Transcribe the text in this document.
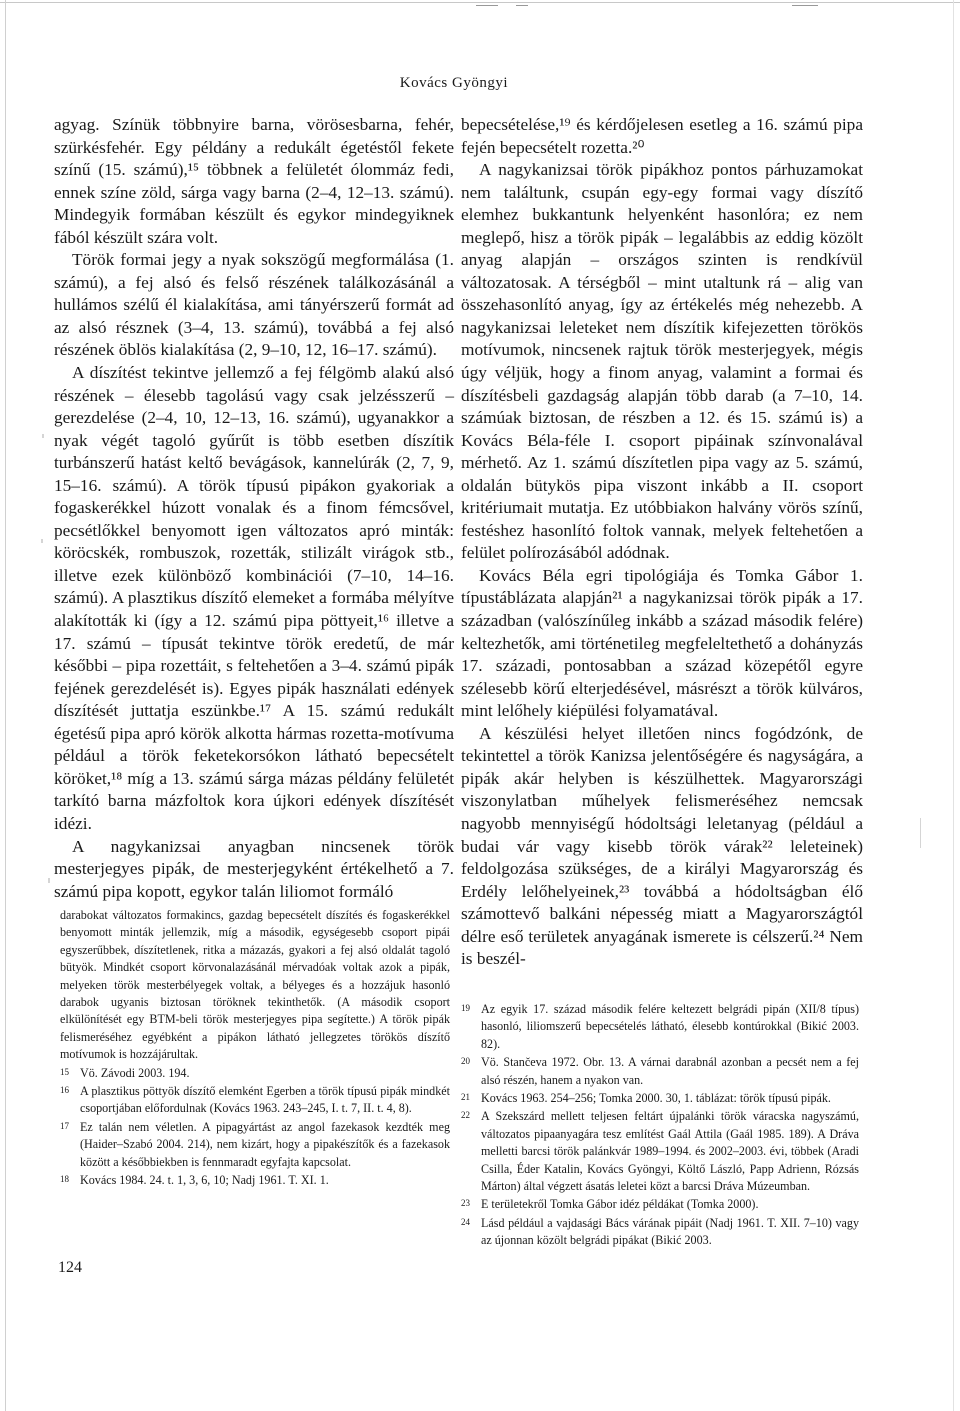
Kovács Gyöngyi

agyag. Színük többnyire barna, vörösesbarna, fehér, szürkésfehér. Egy példány a redukált égetéstől fekete színű (15. számú),¹⁵ többnek a felületét ólommáz fedi, ennek színe zöld, sárga vagy barna (2–4, 12–13. számú). Mindegyik formában készült és egykor mindegyiknek fából készült szára volt.

Török formai jegy a nyak sokszögű megformálása (1. számú), a fej alsó és felső részének találkozásánál a hullámos szélű él kialakítása, ami tányérszerű formát ad az alsó résznek (3–4, 13. számú), továbbá a fej alsó részének öblös kialakítása (2, 9–10, 12, 16–17. számú).

A díszítést tekintve jellemző a fej félgömb alakú alsó részének – élesebb tagolású vagy csak jelzésszerű – gerezdelése (2–4, 10, 12–13, 16. számú), ugyanakkor a nyak végét tagoló gyűrűt is több esetben díszítik turbánszerű hatást keltő bevágások, kannelúrák (2, 7, 9, 15–16. számú). A török típusú pipákon gyakoriak a fogaskerékkel húzott vonalak és a finom fémcsővel, pecsétlőkkel benyomott igen változatos apró minták: köröcskék, rombuszok, rozetták, stilizált virágok stb., illetve ezek különböző kombinációi (7–10, 14–16. számú). A plasztikus díszítő elemeket a formába mélyítve alakították ki (így a 12. számú pipa pöttyeit,¹⁶ illetve a 17. számú – típusát tekintve török eredetű, de már későbbi – pipa rozettáit, s feltehetően a 3–4. számú pipák fejének gerezdelését is). Egyes pipák használati edények díszítését juttatja eszünkbe.¹⁷ A 15. számú redukált égetésű pipa apró körök alkotta hármas rozetta-motívuma például a török feketekorsókon látható bepecsételt köröket,¹⁸ míg a 13. számú sárga mázas példány felületét tarkító barna mázfoltok kora újkori edények díszítését idézi.

A nagykanizsai anyagban nincsenek török mesterjegyes pipák, de mesterjegyként értékelhető a 7. számú pipa kopott, egykor talán liliomot formáló

bepecsételése,¹⁹ és kérdőjelesen esetleg a 16. számú pipa fején bepecsételt rozetta.²⁰

A nagykanizsai török pipákhoz pontos párhuzamokat nem találtunk, csupán egy-egy formai vagy díszítő elemhez bukkantunk helyenként hasonlóra; ez nem meglepő, hisz a török pipák – legalábbis az eddig közölt anyag alapján – országos szinten is rendkívül változatosak. A térségből – mint utaltunk rá – alig van összehasonlító anyag, így az értékelés még nehezebb. A nagykanizsai leleteket nem díszítik kifejezetten törökös motívumok, nincsenek rajtuk török mesterjegyek, mégis úgy véljük, hogy a finom anyag, valamint a formai és díszítésbeli gazdagság alapján több darab (a 7–10, 14. számúak biztosan, de részben a 12. és 15. számú is) a Kovács Béla-féle I. csoport pipáinak színvonalával mérhető. Az 1. számú díszítetlen pipa vagy az 5. számú, oldalán bütykös pipa viszont inkább a II. csoport kritériumait mutatja. Ez utóbbiakon halvány vörös színű, festéshez hasonlító foltok vannak, melyek feltehetően a felület polírozásából adódnak.

Kovács Béla egri tipológiája és Tomka Gábor 1. típustáblázata alapján²¹ a nagykanizsai török pipák a 17. században (valószínűleg inkább a század második felére) keltezhetők, ami történetileg megfeleltethető a dohányzás 17. századi, pontosabban a század közepétől egyre szélesebb körű elterjedésével, másrészt a török külváros, mint lelőhely kiépülési folyamatával.

A készülési helyet illetően nincs fogódzónk, de tekintettel a török Kanizsa jelentőségére és nagyságára, a pipák akár helyben is készülhettek. Magyarországi viszonylatban műhelyek felismeréséhez nemcsak nagyobb mennyiségű hódoltsági leletanyag (például a budai vár vagy kisebb török várak²² leleteinek) feldolgozása szükséges, de a királyi Magyarország és Erdély lelőhelyeinek,²³ továbbá a hódoltságban élő számottevő balkáni népesség miatt a Magyarországtól délre eső területek anyagának ismerete is célszerű.²⁴ Nem is beszél-

darabokat változatos formakincs, gazdag bepecsételt díszítés és fogaskerékkel benyomott minták jellemzik, míg a második, egységesebb csoport pipái egyszerűbbek, díszítetlenek, ritka a mázazás, gyakori a fej alsó oldalát tagoló bütyök. Mindkét csoport körvonalazásánál mérvadóak voltak azok a pipák, melyeken török mesterbélyegek voltak, a bélyeges és a hozzájuk hasonló darabok ugyanis biztosan töröknek tekinthetők. (A második csoport elkülönítését egy BTM-beli török mesterjegyes pipa segítette.) A török pipák felismeréséhez egyébként a pipákon látható jellegzetes törökös díszítő motívumok is hozzájárultak.

15 Vö. Závodi 2003. 194.

16 A plasztikus pöttyök díszítő elemként Egerben a török típusú pipák mindkét csoportjában előfordulnak (Kovács 1963. 243–245, I. t. 7, II. t. 4, 8).

17 Ez talán nem véletlen. A pipagyártást az angol fazekasok kezdték meg (Haider–Szabó 2004. 214), nem kizárt, hogy a pipakészítők és a fazekasok között a későbbiekben is fennmaradt egyfajta kapcsolat.

18 Kovács 1984. 24. t. 1, 3, 6, 10; Nadj 1961. T. XI. 1.

19 Az egyik 17. század második felére keltezett belgrádi pipán (XII/8 típus) hasonló, liliomszerű bepecsételés látható, élesebb kontúrokkal (Bikić 2003. 82).

20 Vö. Stančeva 1972. Obr. 13. A várnai darabnál azonban a pecsét nem a fej alsó részén, hanem a nyakon van.

21 Kovács 1963. 254–256; Tomka 2000. 30, 1. táblázat: török típusú pipák.

22 A Szekszárd mellett teljesen feltárt újpalánki török váracska nagyszámú, változatos pipaanyagára tesz említést Gaál Attila (Gaál 1985. 189). A Dráva melletti barcsi török palánkvár 1989–1994. és 2002–2003. évi, többek (Aradi Csilla, Éder Katalin, Kovács Gyöngyi, Költő László, Papp Adrienn, Rózsás Márton) által végzett ásatás leletei közt a barcsi Dráva Múzeumban.

23 E területekről Tomka Gábor idéz példákat (Tomka 2000).

24 Lásd például a vajdasági Bács várának pipáit (Nadj 1961. T. XII. 7–10) vagy az újonnan közölt belgrádi pipákat (Bikić 2003.

124
